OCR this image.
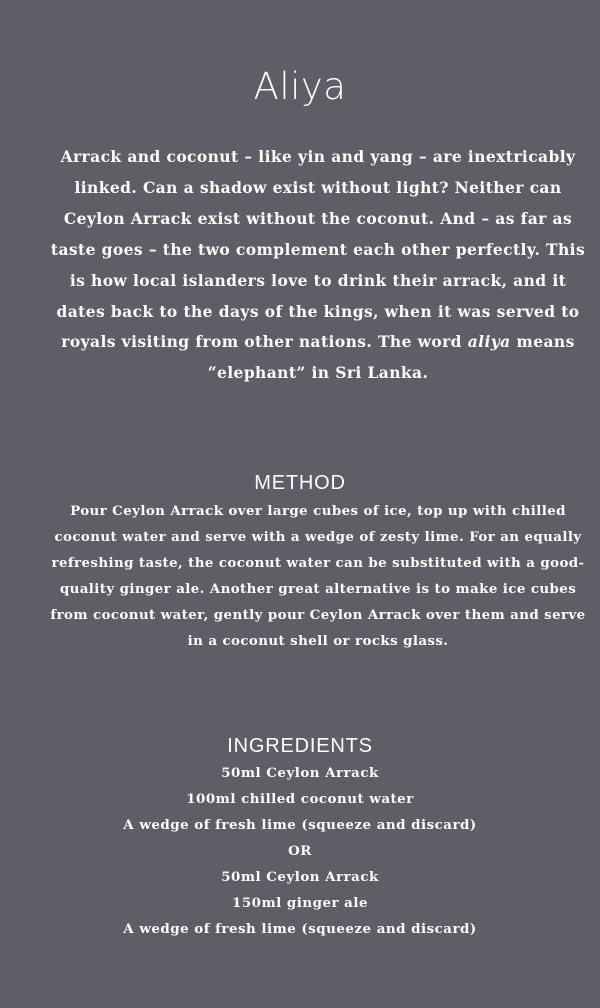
Aliya

Arrack and coconut – like yin and yang – are inextricably linked. Can a shadow exist without light? Neither can Ceylon Arrack exist without the coconut. And – as far as taste goes – the two complement each other perfectly. This is how local islanders love to drink their arrack, and it dates back to the days of the kings, when it was served to royals visiting from other nations. The word aliya means “elephant” in Sri Lanka.

METHOD

Pour Ceylon Arrack over large cubes of ice, top up with chilled coconut water and serve with a wedge of zesty lime. For an equally refreshing taste, the coconut water can be substituted with a good-quality ginger ale. Another great alternative is to make ice cubes from coconut water, gently pour Ceylon Arrack over them and serve in a coconut shell or rocks glass.

INGREDIENTS
50ml Ceylon Arrack
100ml chilled coconut water
A wedge of fresh lime (squeeze and discard)
OR
50ml Ceylon Arrack
150ml ginger ale
A wedge of fresh lime (squeeze and discard)
